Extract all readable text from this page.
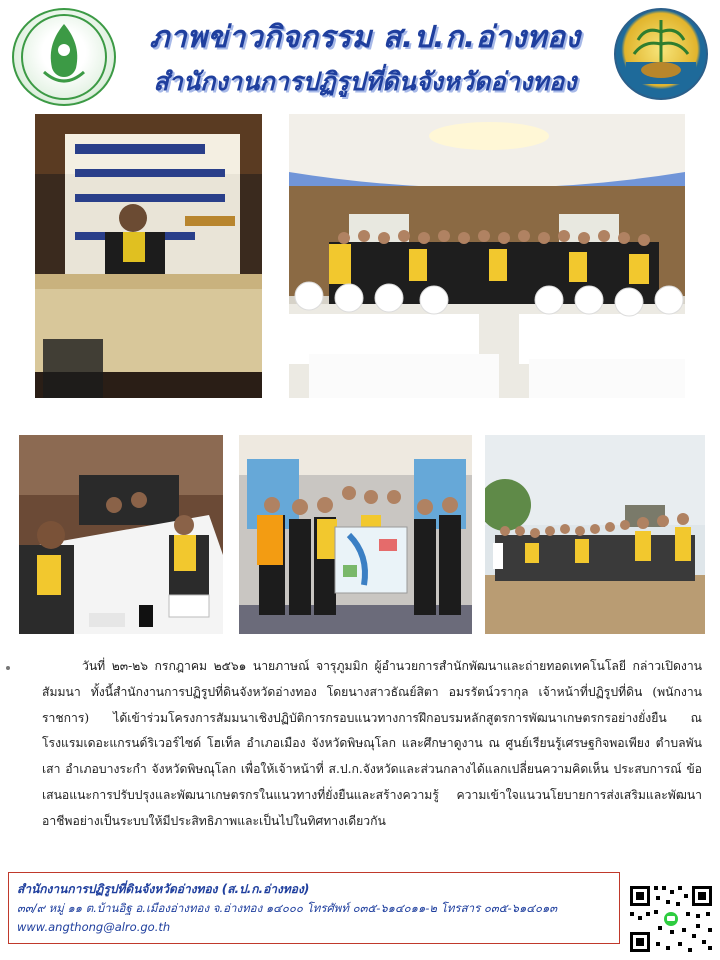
ภาพข่าวกิจกรรม ส.ป.ก.อ่างทอง
สำนักงานการปฏิรูปที่ดินจังหวัดอ่างทอง
วันที่ ๒๓-๒๖ กรกฎาคม ๒๕๖๑ นายภาษณ์ จารุภูมมิก ผู้อำนวยการสำนักพัฒนาและถ่ายทอดเทคโนโลยี กล่าวเปิดงานสัมมนา ทั้งนี้สำนักงานการปฏิรูปที่ดินจังหวัดอ่างทอง โดยนางสาวธัณย์สิตา อมรรัตน์วรากุล เจ้าหน้าที่ปฏิรูปที่ดิน (พนักงานราชการ) ได้เข้าร่วมโครงการสัมมนาเชิงปฏิบัติการกรอบแนวทางการฝึกอบรมหลักสูตรการพัฒนาเกษตรกรอย่างยั่งยืน ณ โรงแรมเดอะแกรนด์ริเวอร์ไซด์ โฮเท็ล อำเภอเมือง จังหวัดพิษณุโลก และศึกษาดูงาน ณ ศูนย์เรียนรู้เศรษฐกิจพอเพียง ตำบลพันเสา อำเภอบางระกำ จังหวัดพิษณุโลก เพื่อให้เจ้าหน้าที่ ส.ป.ก.จังหวัดและส่วนกลางได้แลกเปลี่ยนความคิดเห็น ประสบการณ์ ข้อเสนอแนะการปรับปรุงและพัฒนาเกษตรกรในแนวทางที่ยั่งยืนและสร้างความรู้ ความเข้าใจแนวนโยบายการส่งเสริมและพัฒนาอาชีพอย่างเป็นระบบให้มีประสิทธิภาพและเป็นไปในทิศทางเดียวกัน
สำนักงานการปฏิรูปที่ดินจังหวัดอ่างทอง (ส.ป.ก.อ่างทอง)
๓๓/๙ หมู่ ๑๑ ต.บ้านอิฐ อ.เมืองอ่างทอง จ.อ่างทอง ๑๔๐๐๐ โทรศัพท์ ๐๓๕-๖๑๔๐๑๑-๒ โทรสาร ๐๓๕-๖๑๔๐๑๓
www.angthong@alro.go.th
